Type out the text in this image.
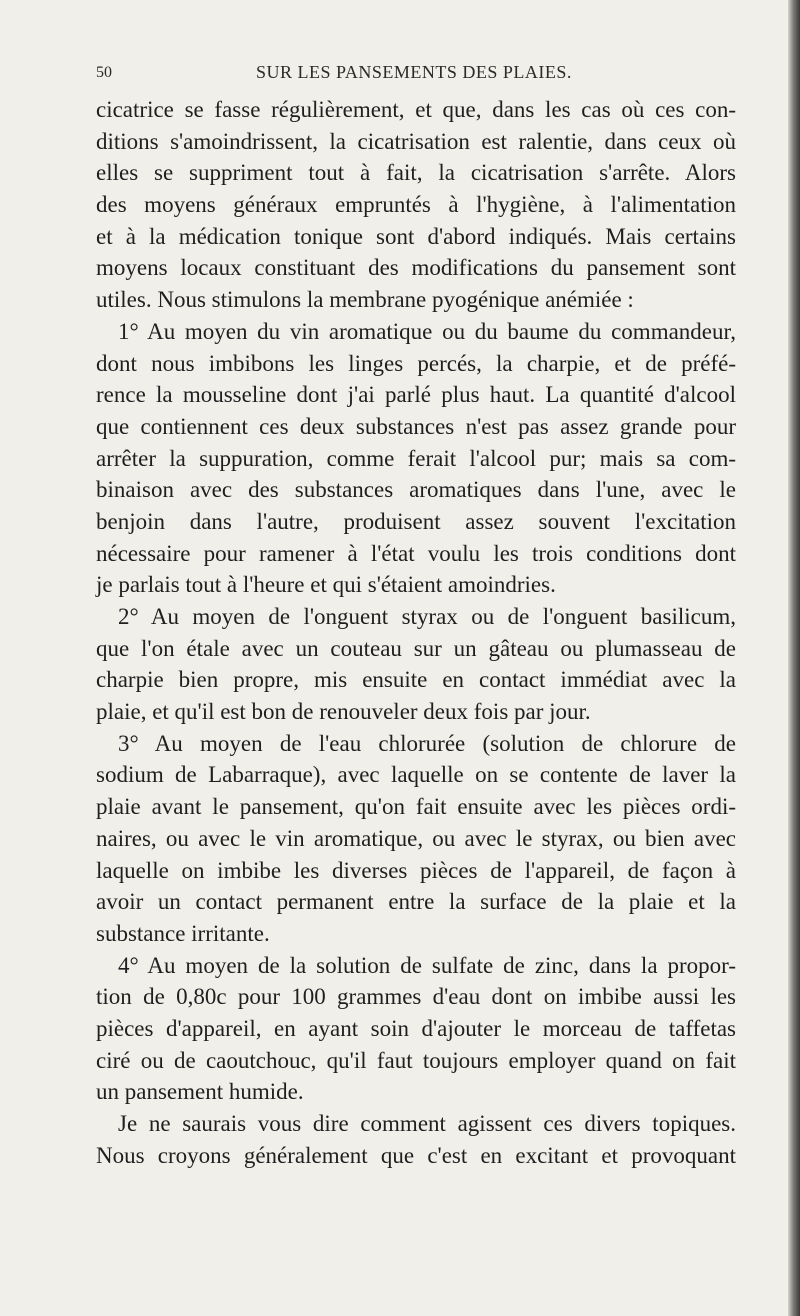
50	SUR LES PANSEMENTS DES PLAIES.
cicatrice se fasse régulièrement, et que, dans les cas où ces con-
ditions s'amoindrissent, la cicatrisation est ralentie, dans ceux où
elles se suppriment tout à fait, la cicatrisation s'arrête. Alors
des moyens généraux empruntés à l'hygiène, à l'alimentation
et à la médication tonique sont d'abord indiqués. Mais certains
moyens locaux constituant des modifications du pansement sont
utiles. Nous stimulons la membrane pyogénique anémiée :
1° Au moyen du vin aromatique ou du baume du commandeur,
dont nous imbibons les linges percés, la charpie, et de préfé-
rence la mousseline dont j'ai parlé plus haut. La quantité d'alcool
que contiennent ces deux substances n'est pas assez grande pour
arrêter la suppuration, comme ferait l'alcool pur; mais sa com-
binaison avec des substances aromatiques dans l'une, avec le
benjoin dans l'autre, produisent assez souvent l'excitation
nécessaire pour ramener à l'état voulu les trois conditions dont
je parlais tout à l'heure et qui s'étaient amoindries.
2° Au moyen de l'onguent styrax ou de l'onguent basilicum,
que l'on étale avec un couteau sur un gâteau ou plumasseau de
charpie bien propre, mis ensuite en contact immédiat avec la
plaie, et qu'il est bon de renouveler deux fois par jour.
3° Au moyen de l'eau chlorurée (solution de chlorure de
sodium de Labarraque), avec laquelle on se contente de laver la
plaie avant le pansement, qu'on fait ensuite avec les pièces ordi-
naires, ou avec le vin aromatique, ou avec le styrax, ou bien avec
laquelle on imbibe les diverses pièces de l'appareil, de façon à
avoir un contact permanent entre la surface de la plaie et la
substance irritante.
4° Au moyen de la solution de sulfate de zinc, dans la propor-
tion de 0,80c pour 100 grammes d'eau dont on imbibe aussi les
pièces d'appareil, en ayant soin d'ajouter le morceau de taffetas
ciré ou de caoutchouc, qu'il faut toujours employer quand on fait
un pansement humide.
Je ne saurais vous dire comment agissent ces divers topiques.
Nous croyons généralement que c'est en excitant et provoquant
